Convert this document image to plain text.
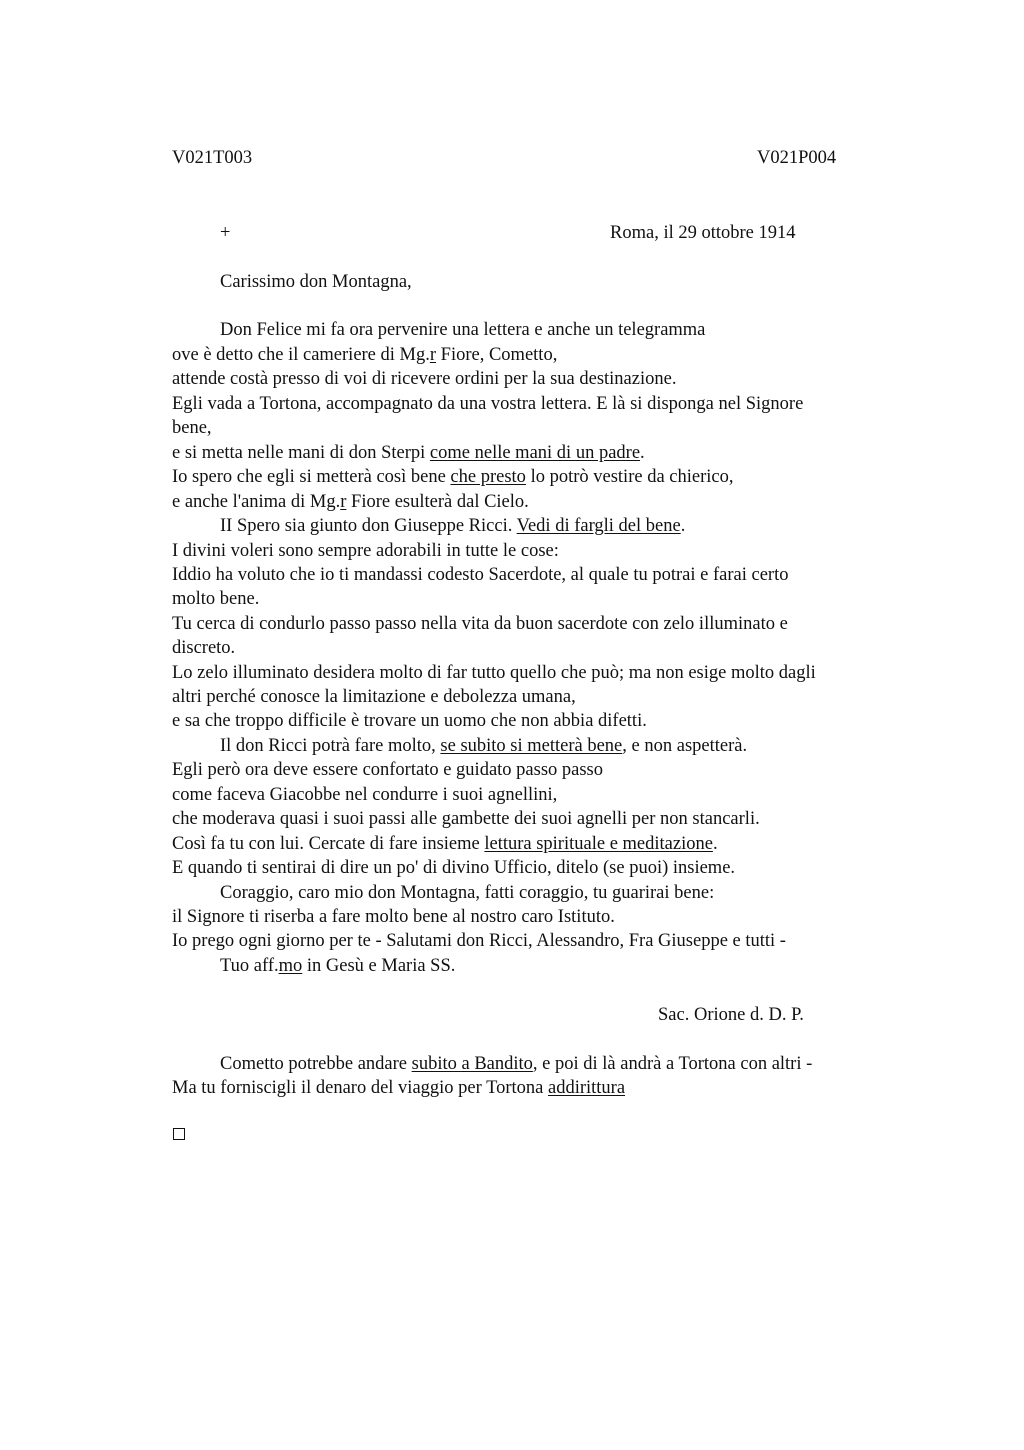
V021T003	V021P004
+	Roma, il 29 ottobre 1914
Carissimo don Montagna,
Don Felice mi fa ora pervenire una lettera e anche un telegramma
ove è detto che il cameriere di Mg.r Fiore, Cometto,
attende costà presso di voi di ricevere ordini per la sua destinazione.
Egli vada a Tortona, accompagnato da una vostra lettera. E là si disponga nel Signore
bene,
e si metta nelle mani di don Sterpi come nelle mani di un padre.
Io spero che egli si metterà così bene che presto lo potrò vestire da chierico,
e anche l'anima di Mg.r Fiore esulterà dal Cielo.
II Spero sia giunto don Giuseppe Ricci. Vedi di fargli del bene.
I divini voleri sono sempre adorabili in tutte le cose:
Iddio ha voluto che io ti mandassi codesto Sacerdote, al quale tu potrai e farai certo
molto bene.
Tu cerca di condurlo passo passo nella vita da buon sacerdote con zelo illuminato e
discreto.
Lo zelo illuminato desidera molto di far tutto quello che può; ma non esige molto dagli
altri perché conosce la limitazione e debolezza umana,
e sa che troppo difficile è trovare un uomo che non abbia difetti.
Il don Ricci potrà fare molto, se subito si metterà bene, e non aspetterà.
Egli però ora deve essere confortato e guidato passo passo
come faceva Giacobbe nel condurre i suoi agnellini,
che moderava quasi i suoi passi alle gambette dei suoi agnelli per non stancarli.
Così fa tu con lui. Cercate di fare insieme lettura spirituale e meditazione.
E quando ti sentirai di dire un po' di divino Ufficio, ditelo (se puoi) insieme.
Coraggio, caro mio don Montagna, fatti coraggio, tu guarirai bene:
il Signore ti riserba a fare molto bene al nostro caro Istituto.
Io prego ogni giorno per te - Salutami don Ricci, Alessandro, Fra Giuseppe e tutti -
Tuo aff.mo in Gesù e Maria SS.
Sac. Orione d. D. P.
Cometto potrebbe andare subito a Bandito, e poi di là andrà a Tortona con altri -
Ma tu forniscigli il denaro del viaggio per Tortona addirittura
